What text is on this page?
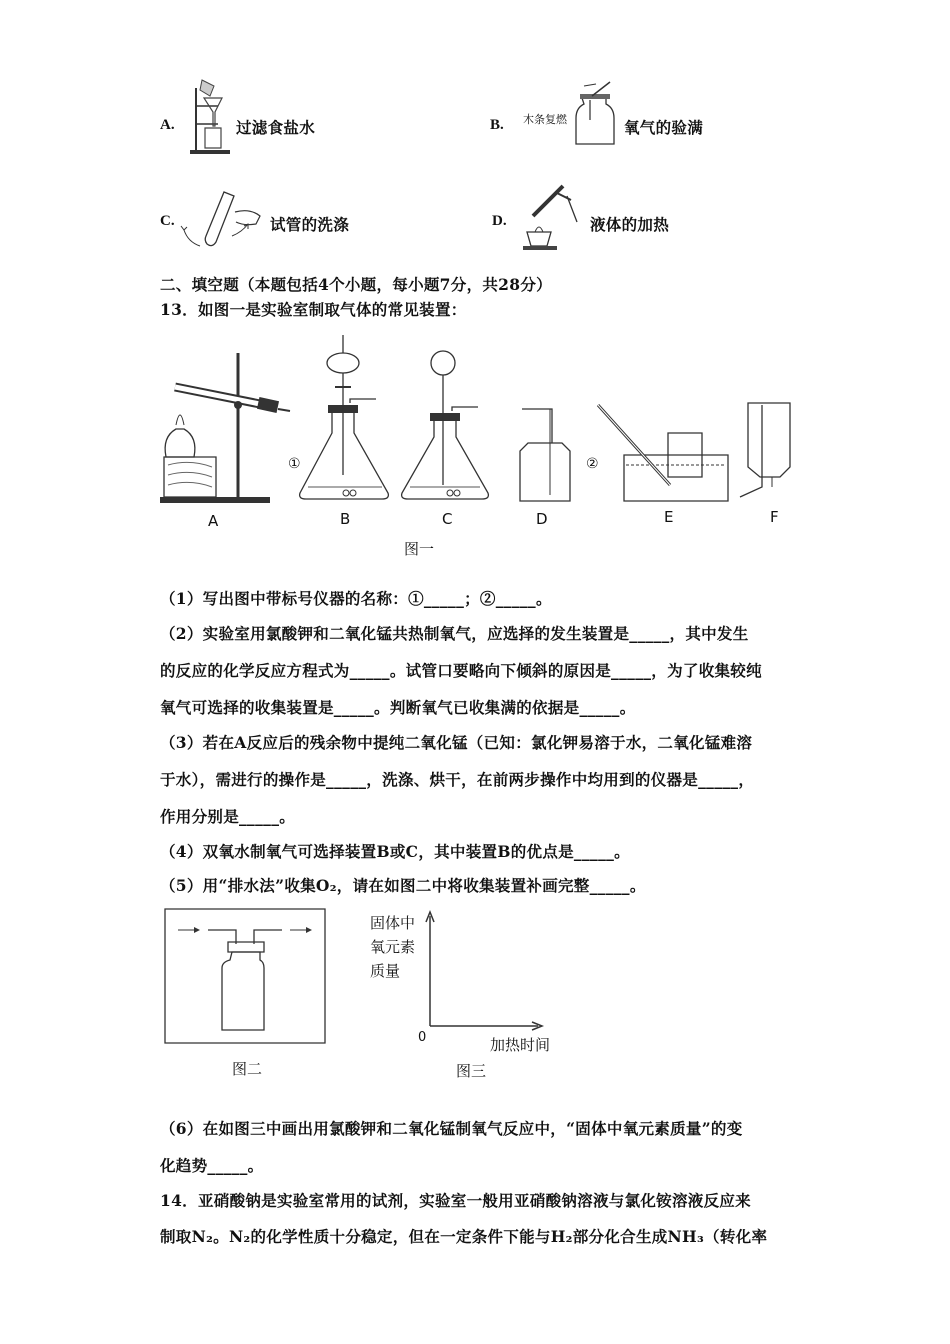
A.	过滤食盐水	B. 木条复燃	氧气的验满
C.	试管的洗涤	D.	液体的加热
二、填空题（本题包括4个小题，每小题7分，共28分）
13．如图一是实验室制取气体的常见装置：
①	②
A	B	C	D	E	F
图一
（1）写出图中带标号仪器的名称：①_____；②_____。
（2）实验室用氯酸钾和二氧化锰共热制氧气，应选择的发生装置是_____，其中发生
的反应的化学反应方程式为_____。试管口要略向下倾斜的原因是_____，为了收集较纯
氧气可选择的收集装置是_____。判断氧气已收集满的依据是_____。
（3）若在A反应后的残余物中提纯二氧化锰（已知：氯化钾易溶于水，二氧化锰难溶
于水），需进行的操作是_____，洗涤、烘干，在前两步操作中均用到的仪器是_____，
作用分别是_____。
（4）双氧水制氧气可选择装置B或C，其中装置B的优点是_____。
（5）用“排水法”收集O₂，请在如图二中将收集装置补画完整_____。
图二
固体中
氧元素
质量
0	加热时间
图三
（6）在如图三中画出用氯酸钾和二氧化锰制氧气反应中，“固体中氧元素质量”的变
化趋势_____。
14．亚硝酸钠是实验室常用的试剂，实验室一般用亚硝酸钠溶液与氯化铵溶液反应来
制取N₂。N₂的化学性质十分稳定，但在一定条件下能与H₂部分化合生成NH₃（转化率
